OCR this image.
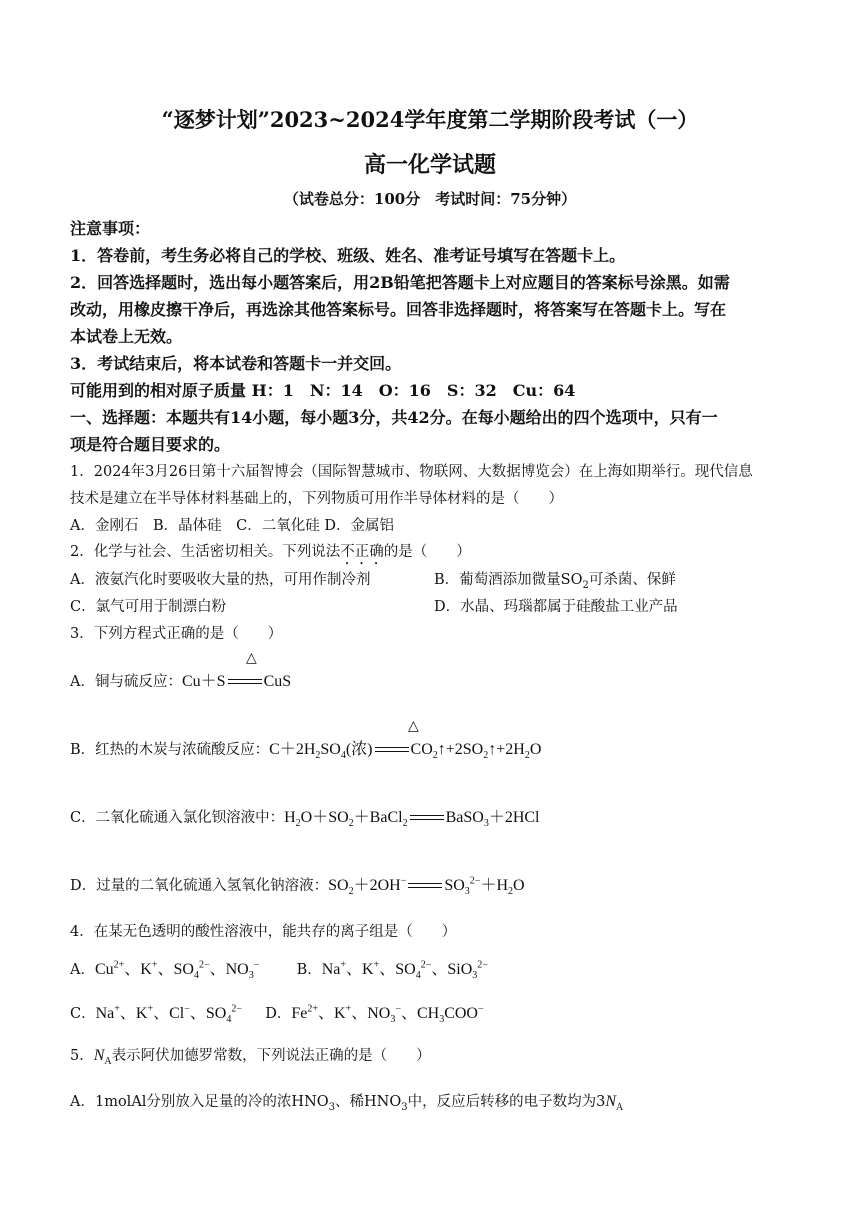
“逐梦计划”2023~2024学年度第二学期阶段考试（一）
高一化学试题
（试卷总分：100分　考试时间：75分钟）
注意事项：
1．答卷前，考生务必将自己的学校、班级、姓名、准考证号填写在答题卡上。
2．回答选择题时，选出每小题答案后，用2B铅笔把答题卡上对应题目的答案标号涂黑。如需
改动，用橡皮擦干净后，再选涂其他答案标号。回答非选择题时，将答案写在答题卡上。写在
本试卷上无效。
3．考试结束后，将本试卷和答题卡一并交回。
可能用到的相对原子质量 H：1　N：14　O：16　S：32　Cu：64
一、选择题：本题共有14小题，每小题3分，共42分。在每小题给出的四个选项中，只有一
项是符合题目要求的。
1．2024年3月26日第十六届智博会（国际智慧城市、物联网、大数据博览会）在上海如期举行。现代信息
技术是建立在半导体材料基础上的，下列物质可用作半导体材料的是（　　）
A．金刚石　B．晶体硅　C．二氧化硅 D．金属铝
2．化学与社会、生活密切相关。下列说法不正确的是（　　）
A．液氨汽化时要吸收大量的热，可用作制冷剂	B．葡萄酒添加微量$SO_2$可杀菌、保鲜
C．氯气可用于制漂白粉	D．水晶、玛瑙都属于硅酸盐工业产品
3．下列方程式正确的是（　　）
△
A．铜与硫反应：Cu＋S CuS
△
B．红热的木炭与浓硫酸反应：$C+2H_2SO_4$(浓) $CO_2↑+2SO_2↑+2H_2O$
C．二氧化硫通入氯化钡溶液中：$H_2O+SO_2+BaCl_2$ BaSO$_3$＋2HCl
D．过量的二氧化硫通入氢氧化钠溶液：$SO_2+2OH^-$ $SO_3^{2-}+H_2O$
4．在某无色透明的酸性溶液中，能共存的离子组是（　　）
A．$Cu^{2+}$、K+、$SO_4^{2-}$、$NO_3^-$	B．Na+、K+、$SO_4^{2-}$、SiO$_3^{2-}$
C．Na+、K+、Cl−、$SO_4^{2-}$ D．$Fe^{2+}$、K+、$NO_3^-$、$CH_3COO^-$
5．$N_A$表示阿伏加德罗常数，下列说法正确的是（　　）
A．1molAl分别放入足量的冷的浓$HNO_3$、稀$HNO_3$中，反应后转移的电子数均为$3N_A$
